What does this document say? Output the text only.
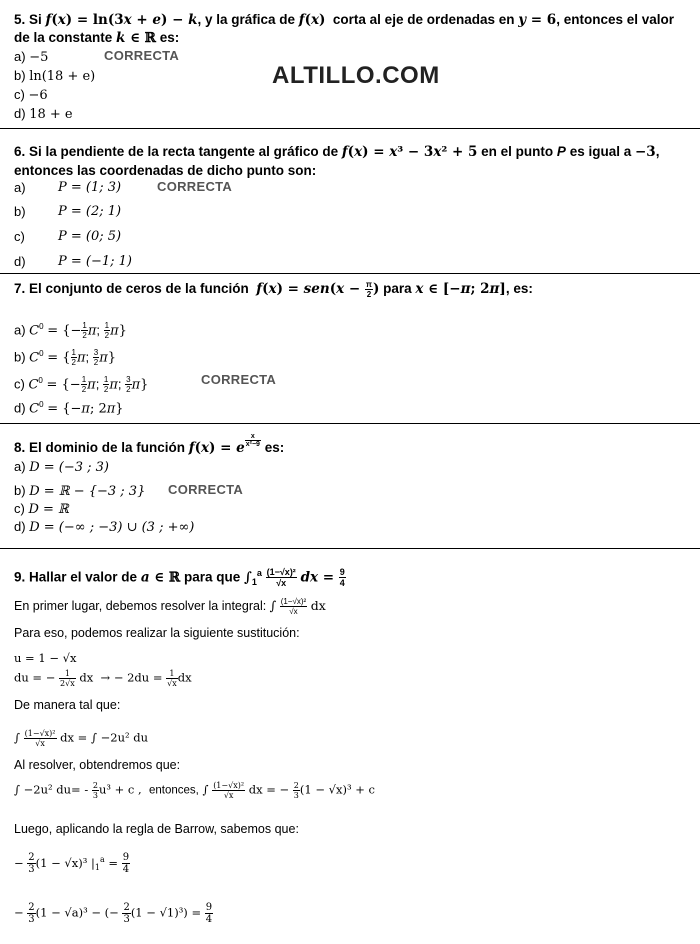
5. Si f(x) = ln(3x + e) − k, y la gráfica de f(x)  corta al eje de ordenadas en y = 6, entonces el valor
de la constante k ∈ ℝ es:
a) −5	CORRECTA
b) ln(18 + e)
c) −6
d) 18 + e
ALTILLO.COM
6. Si la pendiente de la recta tangente al gráfico de f(x) = x³ − 3x² + 5 en el punto P es igual a −3,
entonces las coordenadas de dicho punto son:
a) P = (1; 3)	CORRECTA
b) P = (2; 1)
c)	P = (0; 5)
d) P = (−1; 1)
7. El conjunto de ceros de la función  $f(x) = sen(x - \frac{\pi}{2}$ ) para x ∈ [−π; 2π], es:
a) $C^0$ = {− $\frac{1}{2} \pi$; $\frac{1}{2} \pi$}
b) $C^0$ = { $\frac{1}{2} \pi$; $\frac{3}{2} \pi$}
c) $C^0$ = {− $\frac{1}{2} \pi$; $\frac{1}{2} \pi$; $\frac{3}{2} \pi$}	CORRECTA
d) $C^0 = \{-\pi$; 2π}
8. El dominio de la función f(x) = e $\frac{x}{\text{x²−9}}$ es:
a) D = (−3 ; 3)
b) D = ℝ − {−3 ; 3} CORRECTA
c) D = ℝ
d) D = (−∞ ; −3) ∪ (3 ; +∞)
9. Hallar el valor de a ∈ ℝ para que $\int_1^a \frac{\text{(1−√x)²}}{√x}$ dx = $\frac{9}{4}$
En primer lugar, debemos resolver la integral: ∫ $\frac{\text{(1−√x)²}}{√x}$ dx
Para eso, podemos realizar la siguiente sustitución:
u = 1 − √x
du = − $\frac{1}{2√x}$ dx  → − $2du = \frac{1}{√x}$ dx
De manera tal que:
∫ $\frac{\text{(1−√x)²}}{√x}$ dx = ∫ −2u² du
Al resolver, obtendremos que:
∫ −2u² $du= - \frac{2}{3} u^3 + c$ ,  entonces, ∫ $\frac{\text{(1−√x)²}}{√x}$ dx = − $\frac{2}{3} (1 - √x)^3 + c$
Luego, aplicando la regla de Barrow, sabemos que:
− $\frac{2}{3} (1 - √x)^3$ $|_1^a = \frac{9}{4}$
− $\frac{2}{3} (1 - √a)^3$ − (− $\frac{2}{3} (1 - √1)^3) = \frac{9}{4}$
